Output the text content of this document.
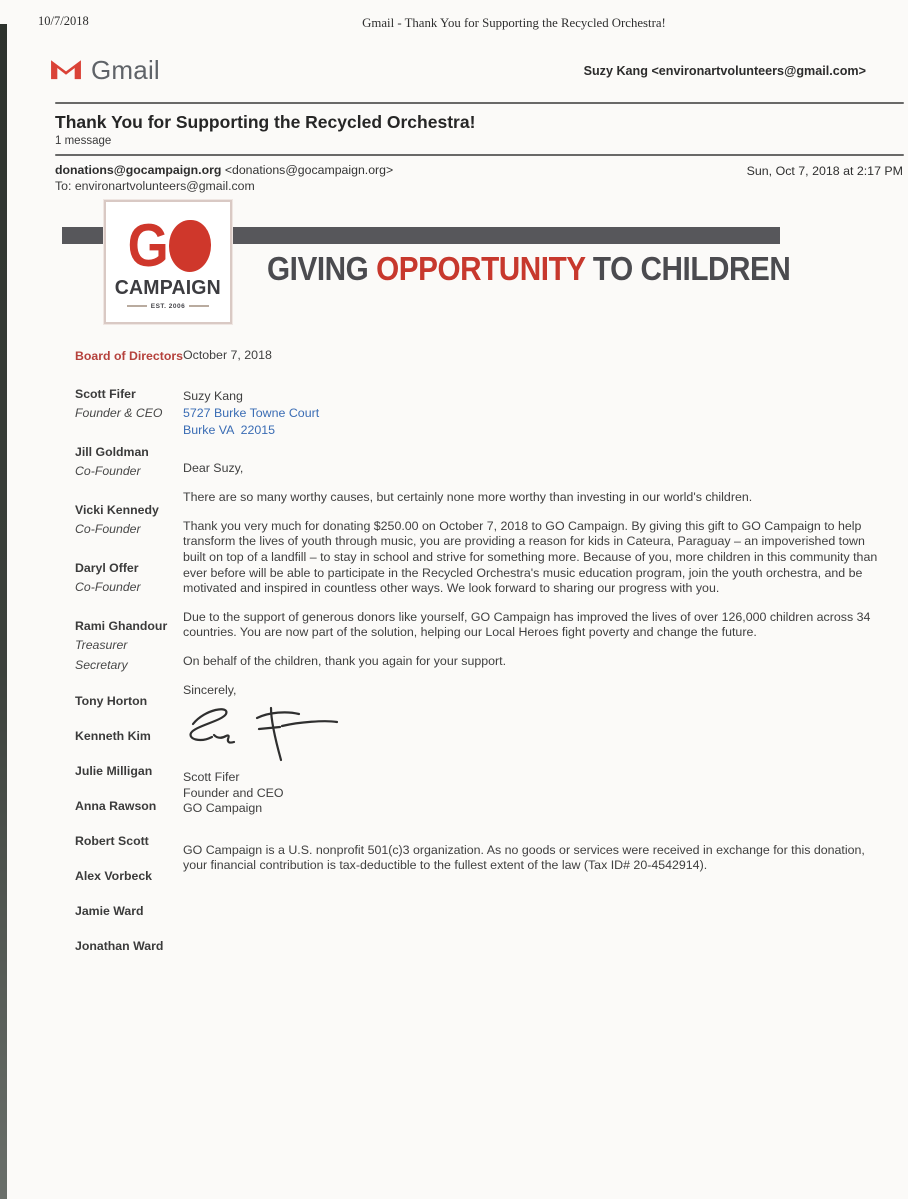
10/7/2018	Gmail - Thank You for Supporting the Recycled Orchestra!
Gmail	Suzy Kang <environartvolunteers@gmail.com>
Thank You for Supporting the Recycled Orchestra!
1 message
donations@gocampaign.org <donations@gocampaign.org>	Sun, Oct 7, 2018 at 2:17 PM
To: environartvolunteers@gmail.com
G
CAMPAIGN
EST. 2006
GIVING OPPORTUNITY TO CHILDREN
Board of Directors
Scott Fifer
Founder & CEO
Jill Goldman
Co-Founder
Vicki Kennedy
Co-Founder
Daryl Offer
Co-Founder
Rami Ghandour
Treasurer
Secretary
Tony Horton
Kenneth Kim
Julie Milligan
Anna Rawson
Robert Scott
Alex Vorbeck
Jamie Ward
Jonathan Ward
October 7, 2018
Suzy Kang
5727 Burke Towne Court
Burke VA  22015
Dear Suzy,

There are so many worthy causes, but certainly none more worthy than investing in our world's children.

Thank you very much for donating $250.00 on October 7, 2018 to GO Campaign. By giving this gift to GO Campaign to help transform the lives of youth through music, you are providing a reason for kids in Cateura, Paraguay – an impoverished town built on top of a landfill – to stay in school and strive for something more. Because of you, more children in this community than ever before will be able to participate in the Recycled Orchestra's music education program, join the youth orchestra, and be motivated and inspired in countless other ways. We look forward to sharing our progress with you.

Due to the support of generous donors like yourself, GO Campaign has improved the lives of over 126,000 children across 34 countries. You are now part of the solution, helping our Local Heroes fight poverty and change the future.

On behalf of the children, thank you again for your support.

Sincerely,
Scott Fifer
Founder and CEO
GO Campaign
GO Campaign is a U.S. nonprofit 501(c)3 organization. As no goods or services were received in exchange for this donation, your financial contribution is tax-deductible to the fullest extent of the law (Tax ID# 20-4542914).
